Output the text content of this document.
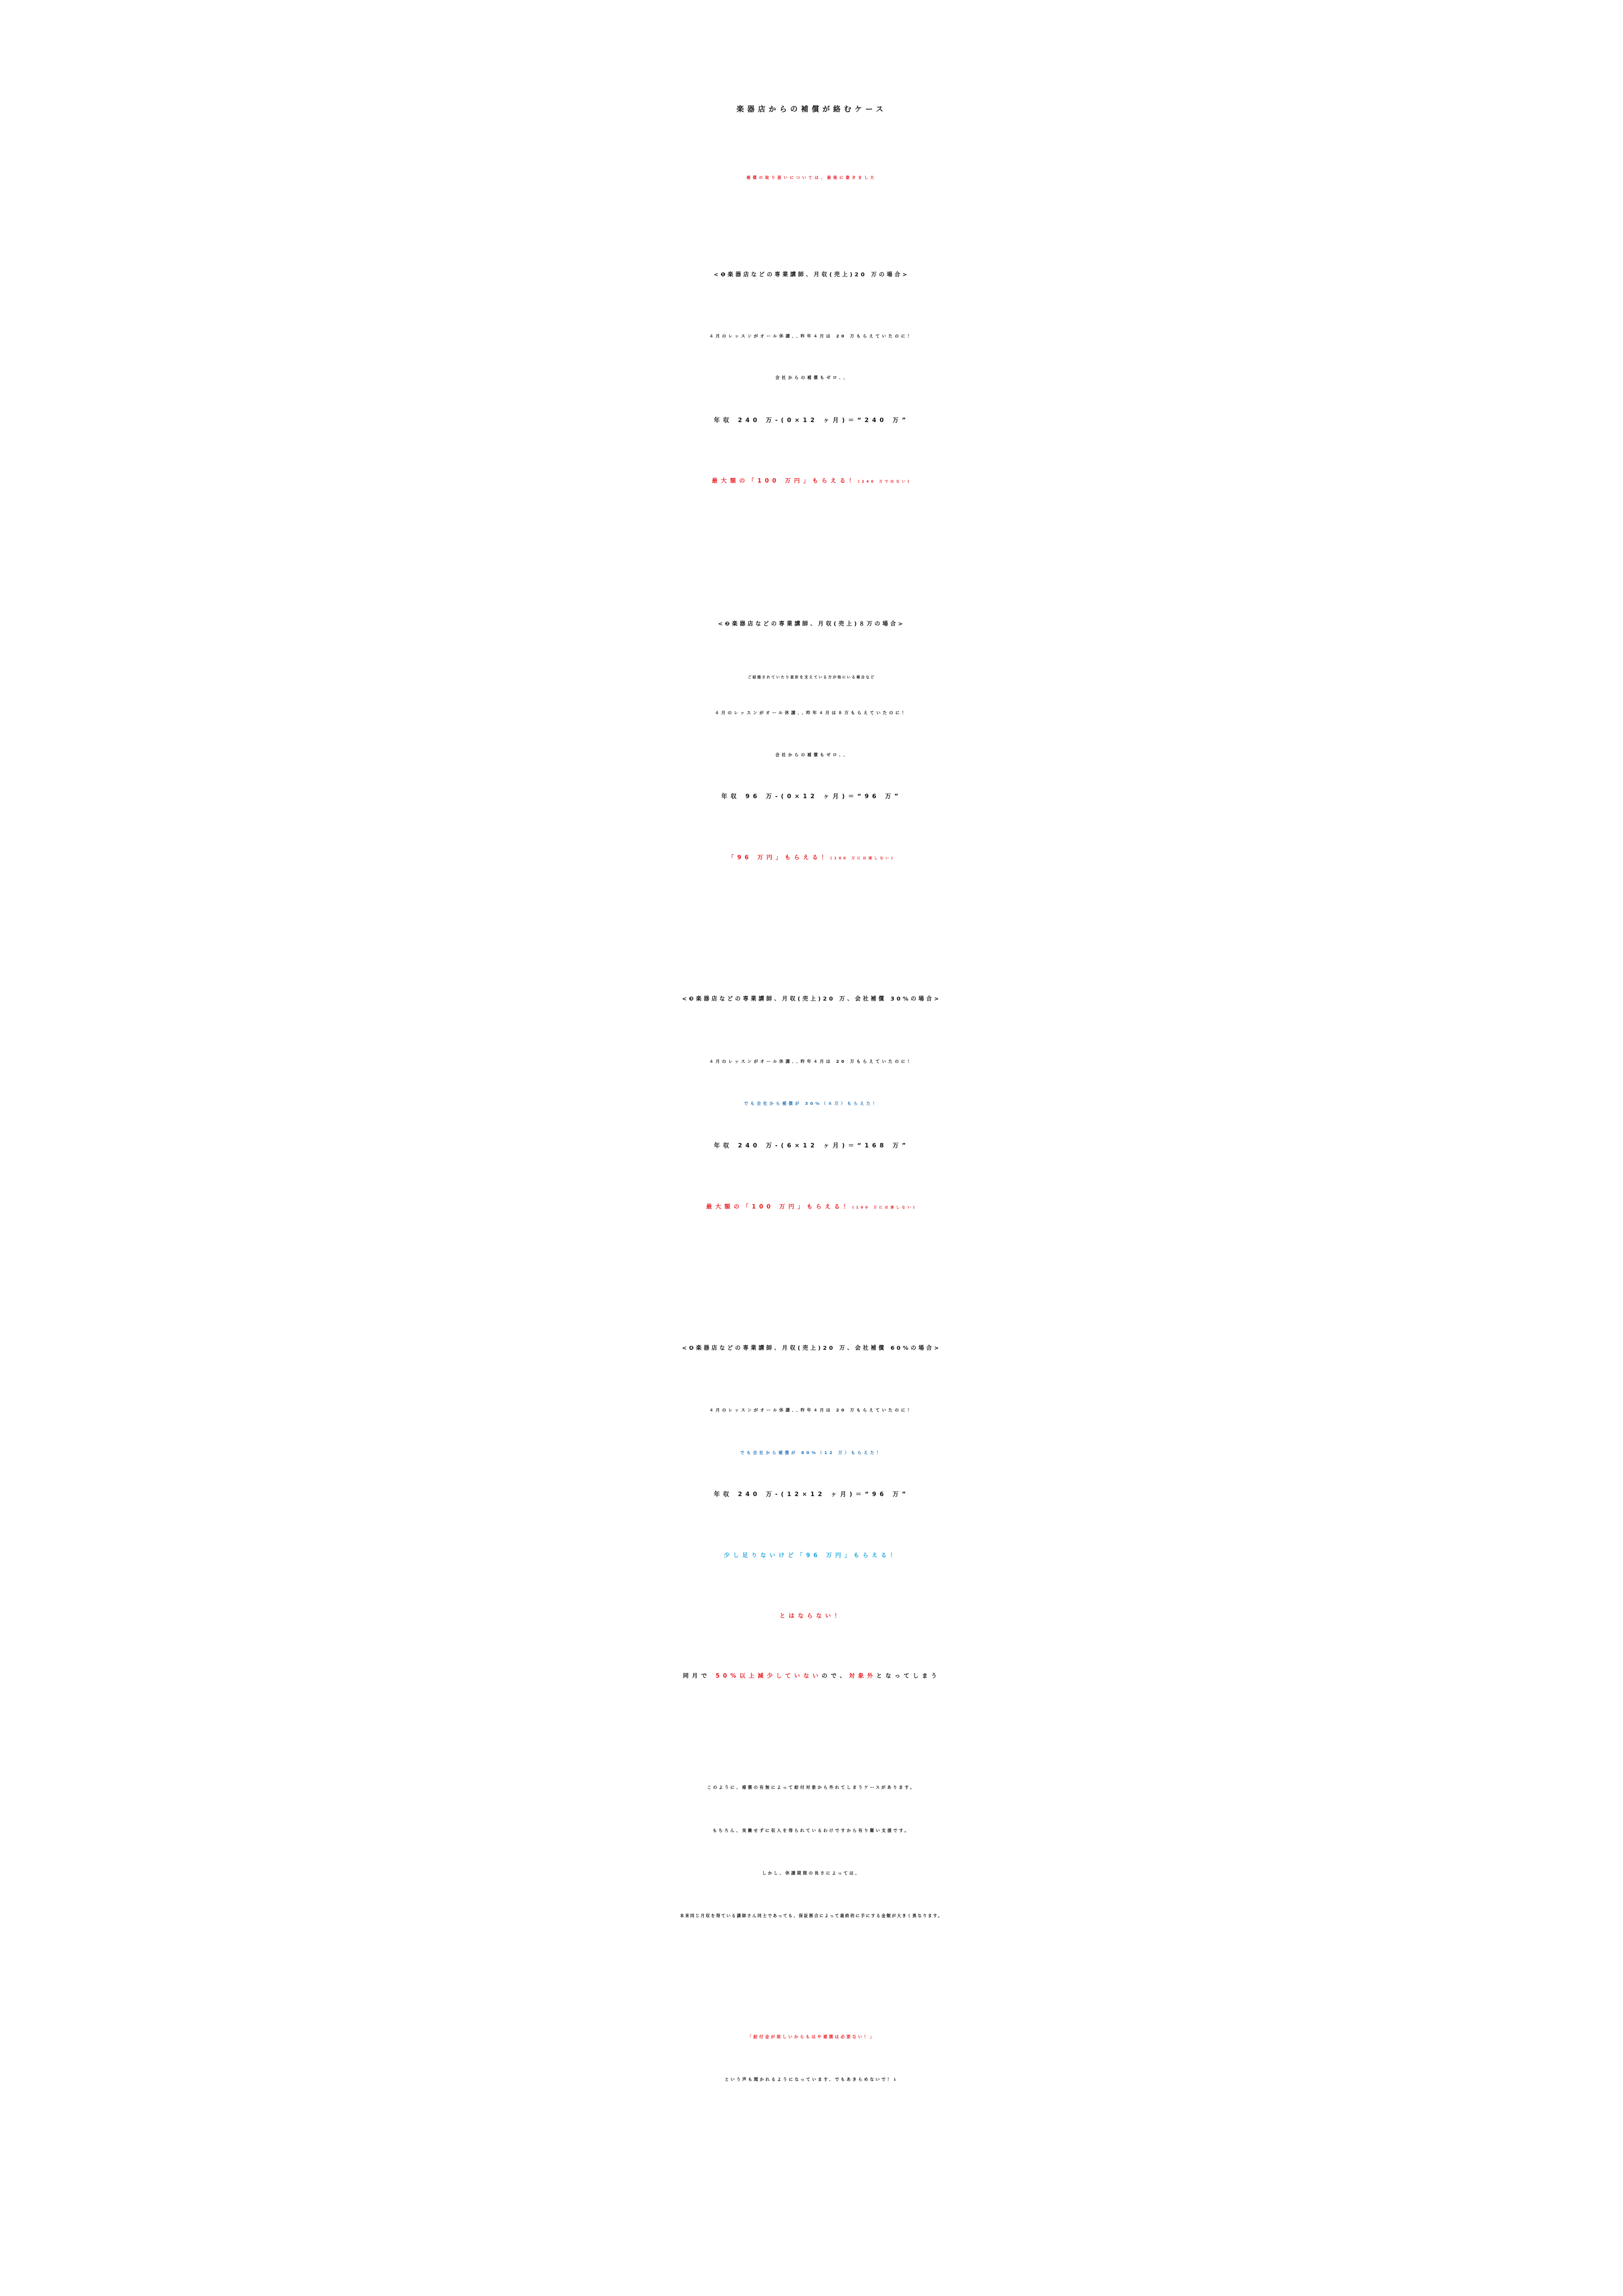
楽器店からの補償が絡むケース
補償の取り扱いについては、最後に書きました
<❶楽器店などの専業講師、月収(売上)20 万の場合>
４月のレッスンがオール休講､､昨年４月は 20 万もらえていたのに！
会社からの補償もゼロ､､
年収 240 万-(0×12 ヶ月)＝“240 万”
最大額の「100 万円」もらえる！(240 万ではない)
<❷楽器店などの専業講師、月収(売上)８万の場合>
ご結婚されていたり家計を支えている方が他にいる場合など
４月のレッスンがオール休講､､昨年４月は８万もらえていたのに！
会社からの補償もゼロ､､
年収 96 万-(0×12 ヶ月)＝“96 万”
「96 万円」もらえる！(100 万には達しない)
<❸楽器店などの専業講師、月収(売上)20 万、会社補償 30%の場合>
４月のレッスンがオール休講､､昨年４月は 20 万もらえていたのに！
でも会社から補償が 30%（６万）もらえた！
年収 240 万-(6×12 ヶ月)＝“168 万”
最大額の「100 万円」もらえる！(100 万には達しない)
<❹楽器店などの専業講師、月収(売上)20 万、会社補償 60%の場合>
４月のレッスンがオール休講､､昨年４月は 20 万もらえていたのに！
でも会社から補償が 60%（12 万）もらえた！
年収 240 万-(12×12 ヶ月)＝“96 万”
少し足りないけど「96 万円」もらえる！
とはならない！
同月で 50%以上減少していないので、対象外となってしまう
このように、補償の有無によって給付対象から外れてしまうケースがあります。
もちろん、実働せずに収入を得られているわけですから有り難い支援です。
しかし、休講期間の長さによっては、
本来同じ月収を得ている講師さん同士であっても、保証割合によって最終的に手にする金額が大きく異なります。
「給付金が欲しいからもはや補償は必要ない！」
という声も聞かれるようになっています、でもあきらめないで！↓
